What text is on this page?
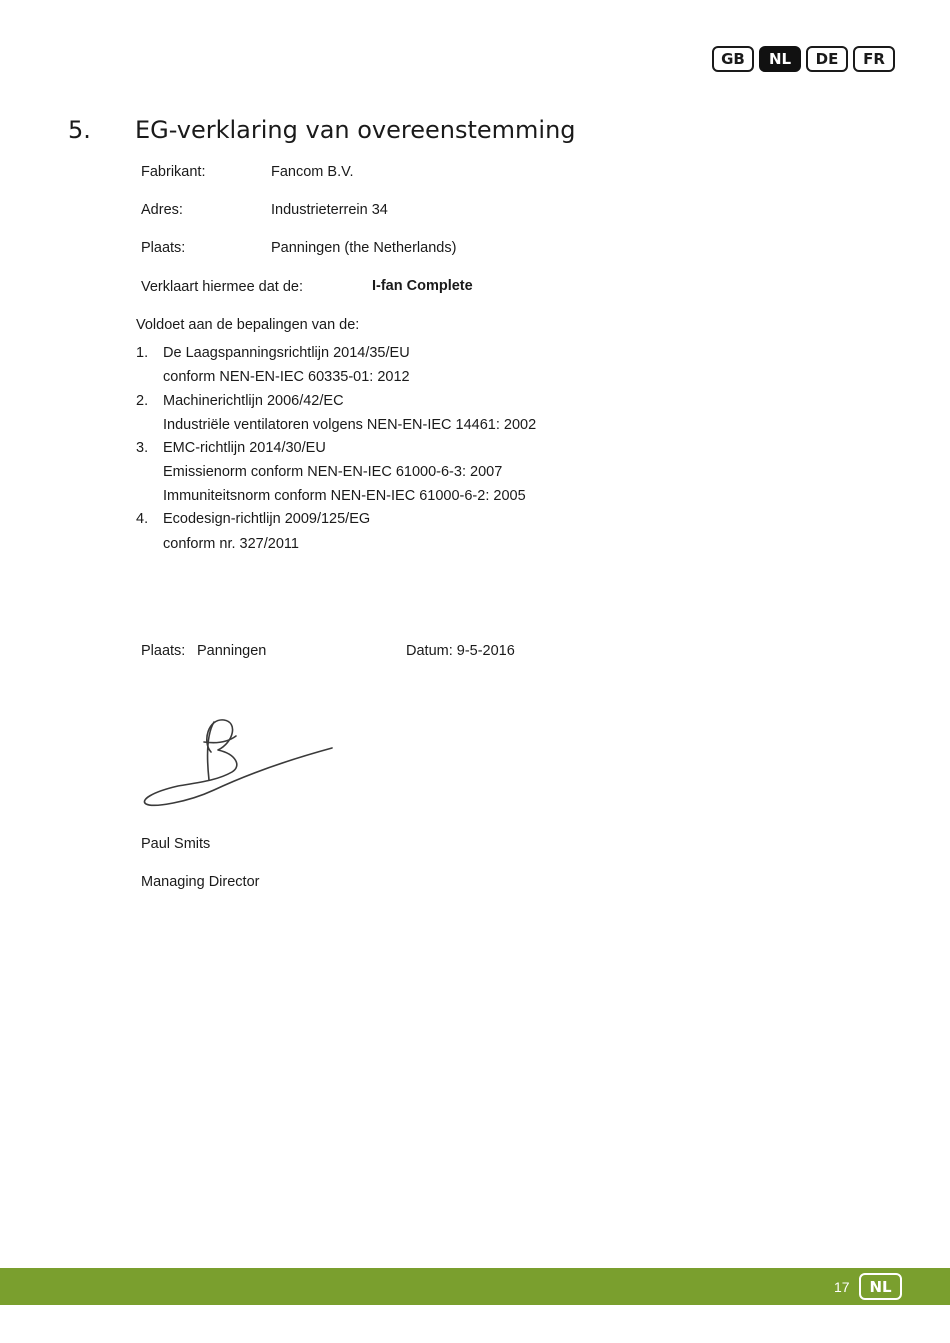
GB	NL	DE	FR
5. EG-verklaring van overeenstemming
Fabrikant:	Fancom B.V.
Adres:	Industrieterrein 34
Plaats:	Panningen (the Netherlands)
Verklaart hiermee dat de:	I-fan Complete
Voldoet aan de bepalingen van de:
1. De Laagspanningsrichtlijn 2014/35/EU
conform NEN-EN-IEC 60335-01: 2012
2. Machinerichtlijn 2006/42/EC
Industriële ventilatoren volgens NEN-EN-IEC 14461: 2002
3. EMC-richtlijn 2014/30/EU
Emissienorm conform NEN-EN-IEC 61000-6-3: 2007
Immuniteitsnorm conform NEN-EN-IEC 61000-6-2: 2005
4. Ecodesign-richtlijn 2009/125/EG
conform nr. 327/2011
Plaats: Panningen	Datum: 9-5-2016
Paul Smits
Managing Director
17	NL
